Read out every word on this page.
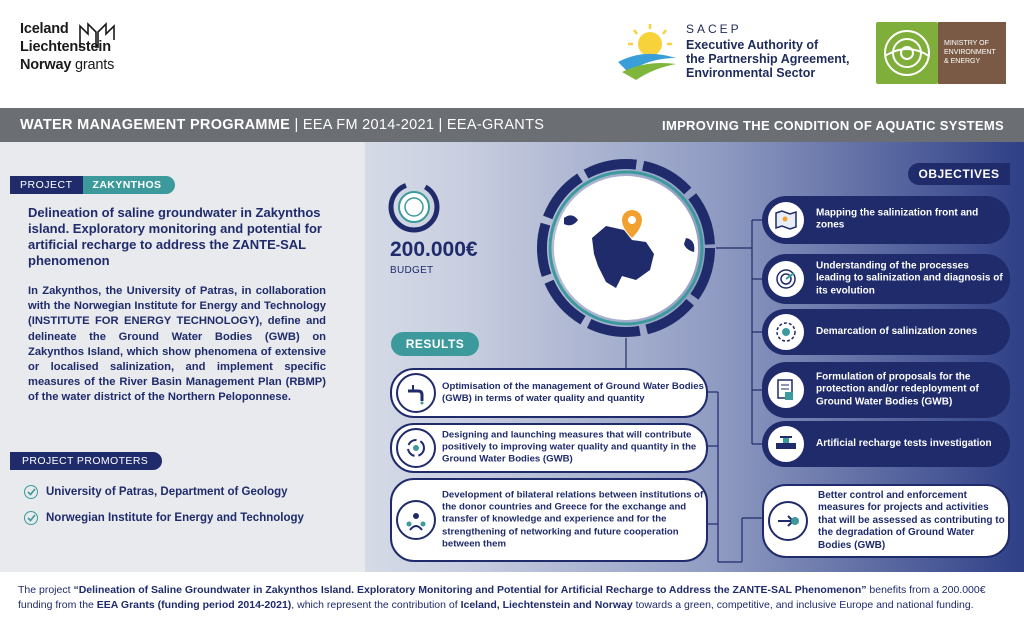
Iceland
Liechtenstein
Norway grants
SACEP
Executive Authority of
the Partnership Agreement,
Environmental Sector
MINISTRY OF
ENVIRONMENT
& ENERGY
WATER MANAGEMENT PROGRAMME | EEA FM 2014-2021 | EEA-GRANTS	IMPROVING THE CONDITION OF AQUATIC SYSTEMS
PROJECT	ZAKYNTHOS
Delineation of saline groundwater in Zakynthos island. Exploratory monitoring and potential for artificial recharge to address the ZANTE-SAL phenomenon
In Zakynthos, the University of Patras, in collaboration with the Norwegian Institute for Energy and Technology (INSTITUTE FOR ENERGY TECHNOLOGY), define and delineate the Ground Water Bodies (GWB) on Zakynthos Island, which show phenomena of extensive or localised salinization, and implement specific measures of the River Basin Management Plan (RBMP) of the water district of the Northern Peloponnese.
PROJECT PROMOTERS
University of Patras, Department of Geology
Norwegian Institute for Energy and Technology
200.000€
BUDGET
RESULTS
Optimisation of the management of Ground Water Bodies (GWB) in terms of water quality and quantity
Designing and launching measures that will contribute positively to improving water quality and quantity in the Ground Water Bodies (GWB)
Development of bilateral relations between institutions of the donor countries and Greece for the exchange and transfer of knowledge and experience and for the strengthening of networking and future cooperation between them
OBJECTIVES
Mapping the salinization front and zones
Understanding of the processes leading to salinization and diagnosis of its evolution
Demarcation of salinization zones
Formulation of proposals for the protection and/or redeployment of Ground Water Bodies (GWB)
Artificial recharge tests investigation
Better control and enforcement measures for projects and activities that will be assessed as contributing to the degradation of Ground Water Bodies (GWB)
The project “Delineation of Saline Groundwater in Zakynthos Island. Exploratory Monitoring and Potential for Artificial Recharge to Address the ZANTE-SAL Phenomenon” benefits from a 200.000€ funding from the EEA Grants (funding period 2014-2021), which represent the contribution of Iceland, Liechtenstein and Norway towards a green, competitive, and inclusive Europe and national funding.
